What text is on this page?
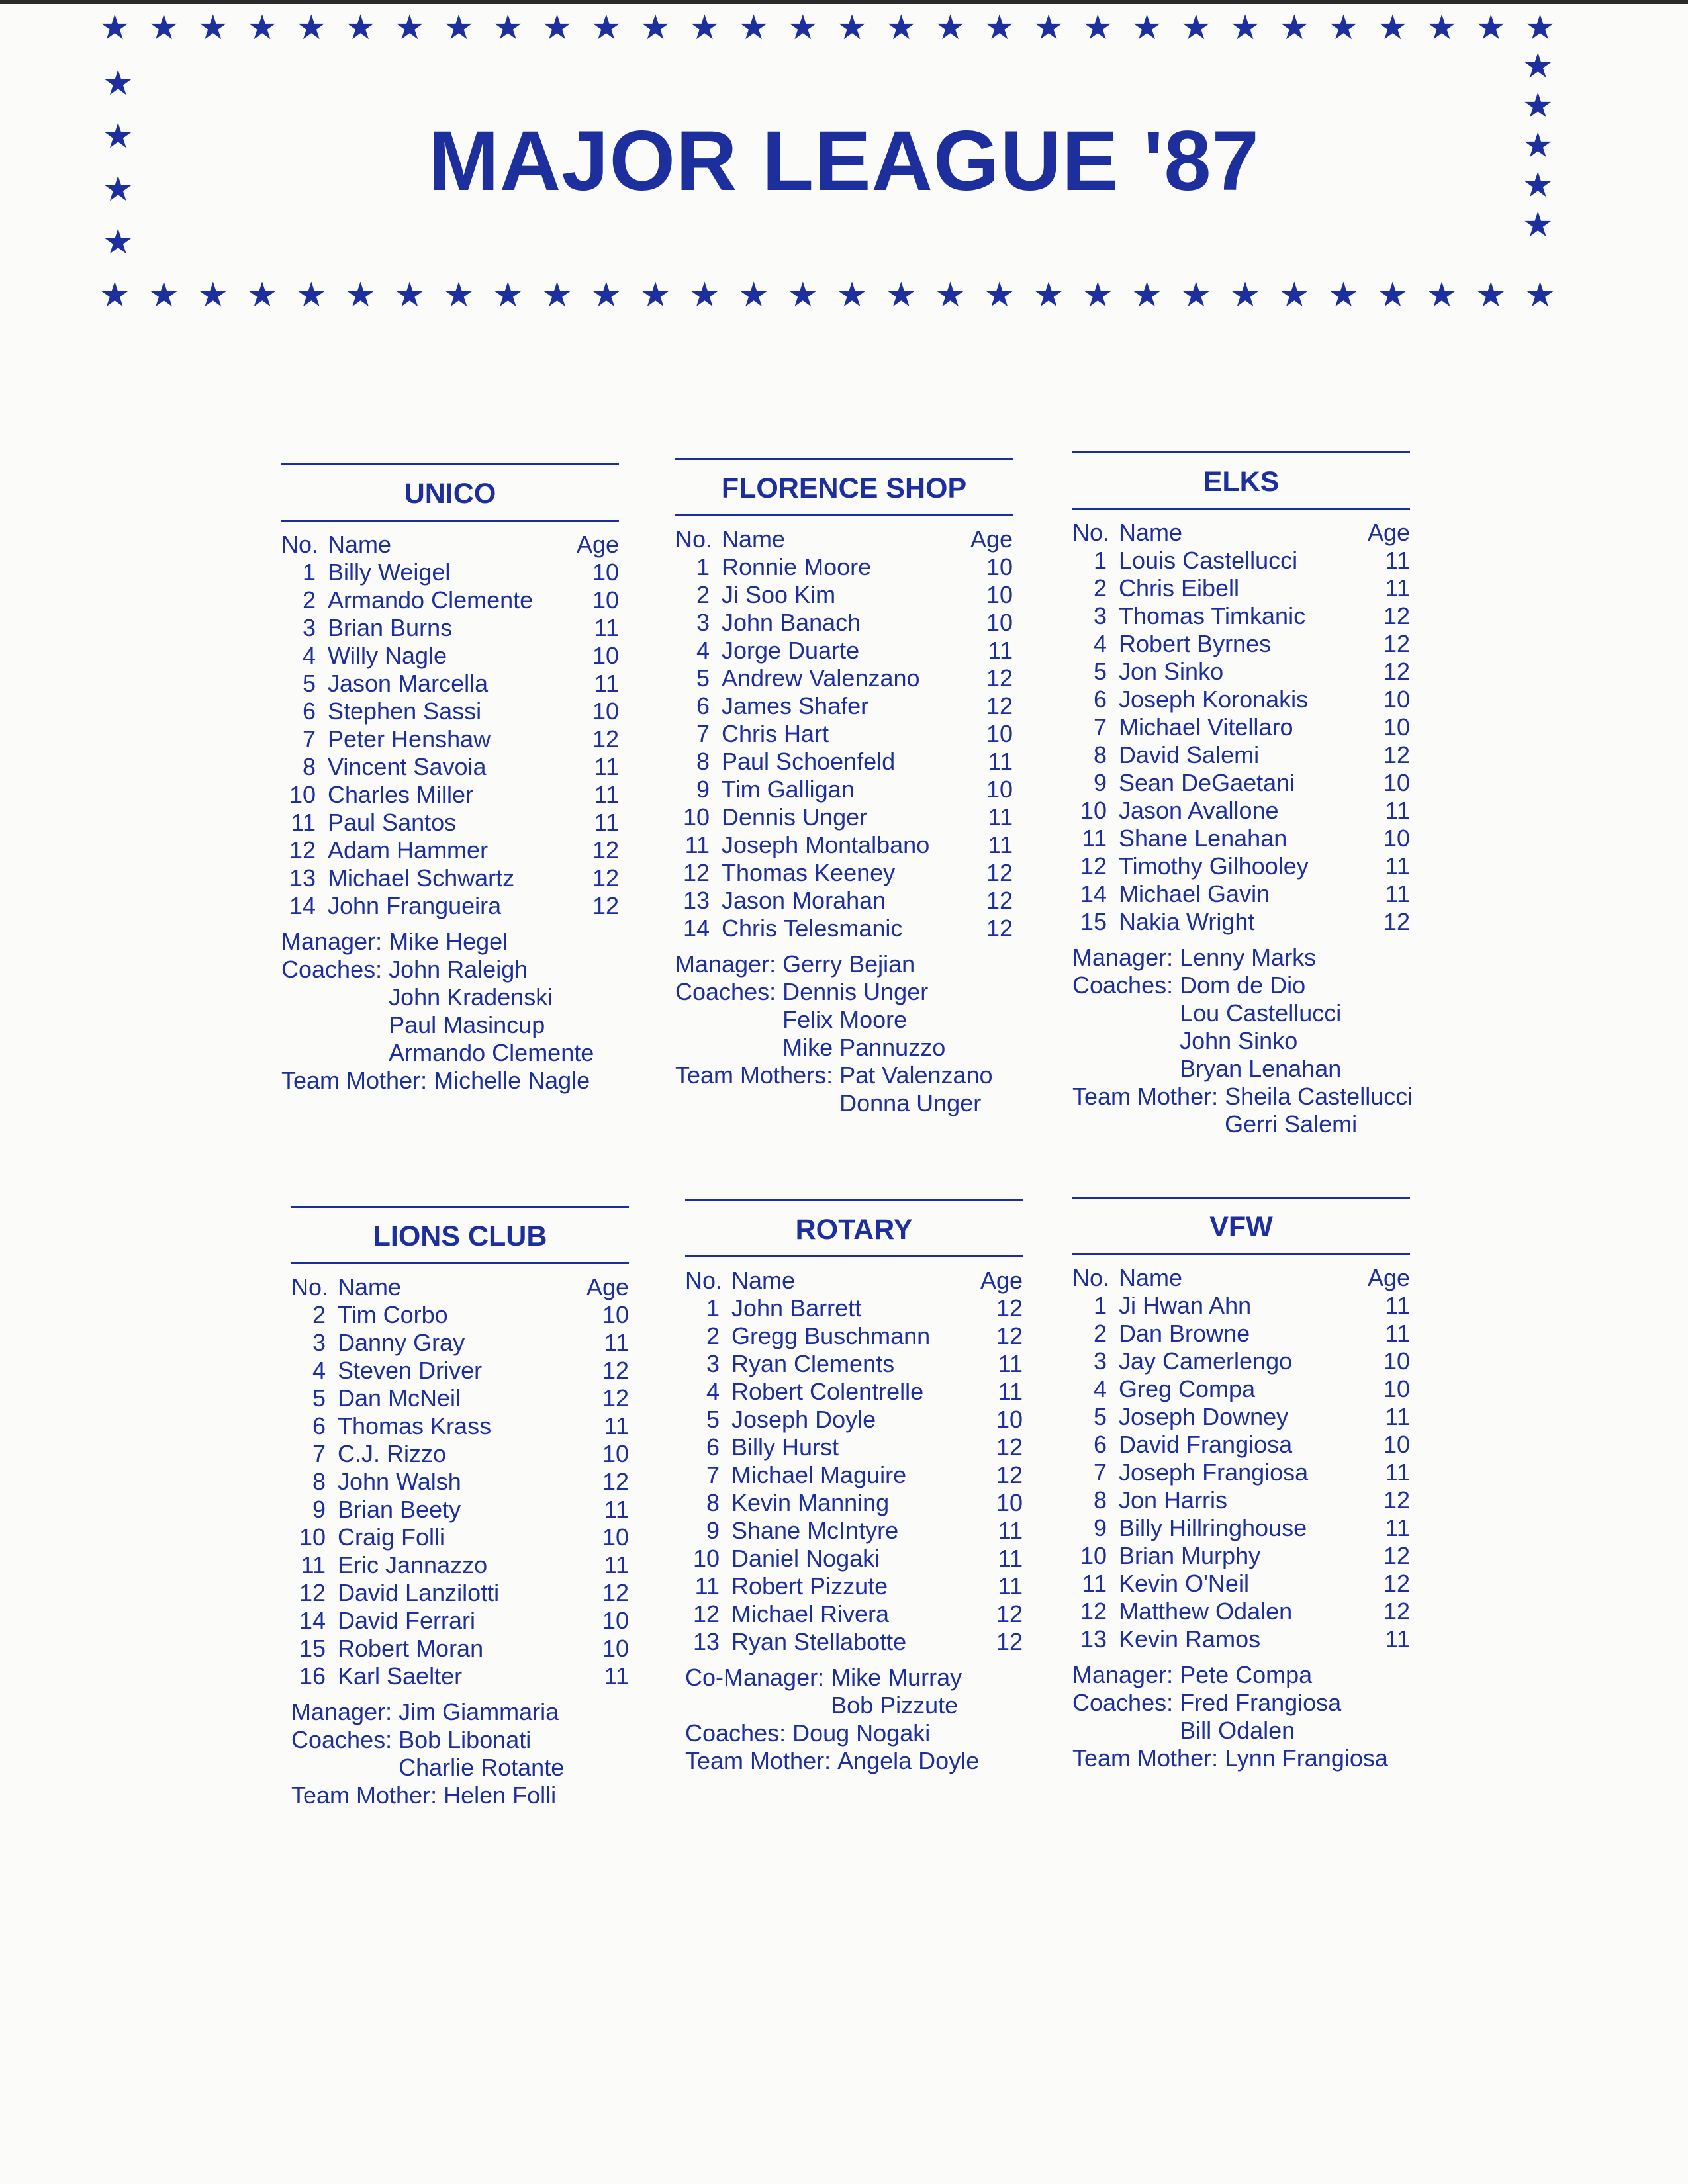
★ ★ ★ ★ ★ ★ ★ ★ ★ ★ ★ ★ ★ ★ ★ ★ ★ ★ ★ ★ ★ ★ ★ ★ ★ ★ ★ ★ ★ ★
★
★
★
★
★
★
★
★
★
★ ★ ★ ★ ★ ★ ★ ★ ★ ★ ★ ★ ★ ★ ★ ★ ★ ★ ★ ★ ★ ★ ★ ★ ★ ★ ★ ★ ★ ★
MAJOR LEAGUE '87
UNICO
No. Name	Age
1 Billy Weigel	10
2 Armando Clemente	10
3 Brian Burns	11
4 Willy Nagle	10
5 Jason Marcella	11
6 Stephen Sassi	10
7 Peter Henshaw	12
8 Vincent Savoia	11
10 Charles Miller	11
11 Paul Santos	11
12 Adam Hammer	12
13 Michael Schwartz	12
14 John Frangueira	12
Manager: Mike Hegel
Coaches: John Raleigh
John Kradenski
Paul Masincup
Armando Clemente
Team Mother: Michelle Nagle
FLORENCE SHOP
No. Name	Age
1 Ronnie Moore	10
2 Ji Soo Kim	10
3 John Banach	10
4 Jorge Duarte	11
5 Andrew Valenzano	12
6 James Shafer	12
7 Chris Hart	10
8 Paul Schoenfeld	11
9 Tim Galligan	10
10 Dennis Unger	11
11 Joseph Montalbano	11
12 Thomas Keeney	12
13 Jason Morahan	12
14 Chris Telesmanic	12
Manager: Gerry Bejian
Coaches: Dennis Unger
Felix Moore
Mike Pannuzzo
Team Mothers: Pat Valenzano
Donna Unger
ELKS
No. Name	Age
1 Louis Castellucci	11
2 Chris Eibell	11
3 Thomas Timkanic	12
4 Robert Byrnes	12
5 Jon Sinko	12
6 Joseph Koronakis	10
7 Michael Vitellaro	10
8 David Salemi	12
9 Sean DeGaetani	10
10 Jason Avallone	11
11 Shane Lenahan	10
12 Timothy Gilhooley	11
14 Michael Gavin	11
15 Nakia Wright	12
Manager: Lenny Marks
Coaches: Dom de Dio
Lou Castellucci
John Sinko
Bryan Lenahan
Team Mother: Sheila Castellucci
Gerri Salemi
LIONS CLUB
No. Name	Age
2 Tim Corbo	10
3 Danny Gray	11
4 Steven Driver	12
5 Dan McNeil	12
6 Thomas Krass	11
7 C.J. Rizzo	10
8 John Walsh	12
9 Brian Beety	11
10 Craig Folli	10
11 Eric Jannazzo	11
12 David Lanzilotti	12
14 David Ferrari	10
15 Robert Moran	10
16 Karl Saelter	11
Manager: Jim Giammaria
Coaches: Bob Libonati
Charlie Rotante
Team Mother: Helen Folli
ROTARY
No. Name	Age
1 John Barrett	12
2 Gregg Buschmann	12
3 Ryan Clements	11
4 Robert Colentrelle	11
5 Joseph Doyle	10
6 Billy Hurst	12
7 Michael Maguire	12
8 Kevin Manning	10
9 Shane McIntyre	11
10 Daniel Nogaki	11
11 Robert Pizzute	11
12 Michael Rivera	12
13 Ryan Stellabotte	12
Co-Manager: Mike Murray
Bob Pizzute
Coaches: Doug Nogaki
Team Mother: Angela Doyle
VFW
No. Name	Age
1 Ji Hwan Ahn	11
2 Dan Browne	11
3 Jay Camerlengo	10
4 Greg Compa	10
5 Joseph Downey	11
6 David Frangiosa	10
7 Joseph Frangiosa	11
8 Jon Harris	12
9 Billy Hillringhouse	11
10 Brian Murphy	12
11 Kevin O'Neil	12
12 Matthew Odalen	12
13 Kevin Ramos	11
Manager: Pete Compa
Coaches: Fred Frangiosa
Bill Odalen
Team Mother: Lynn Frangiosa
